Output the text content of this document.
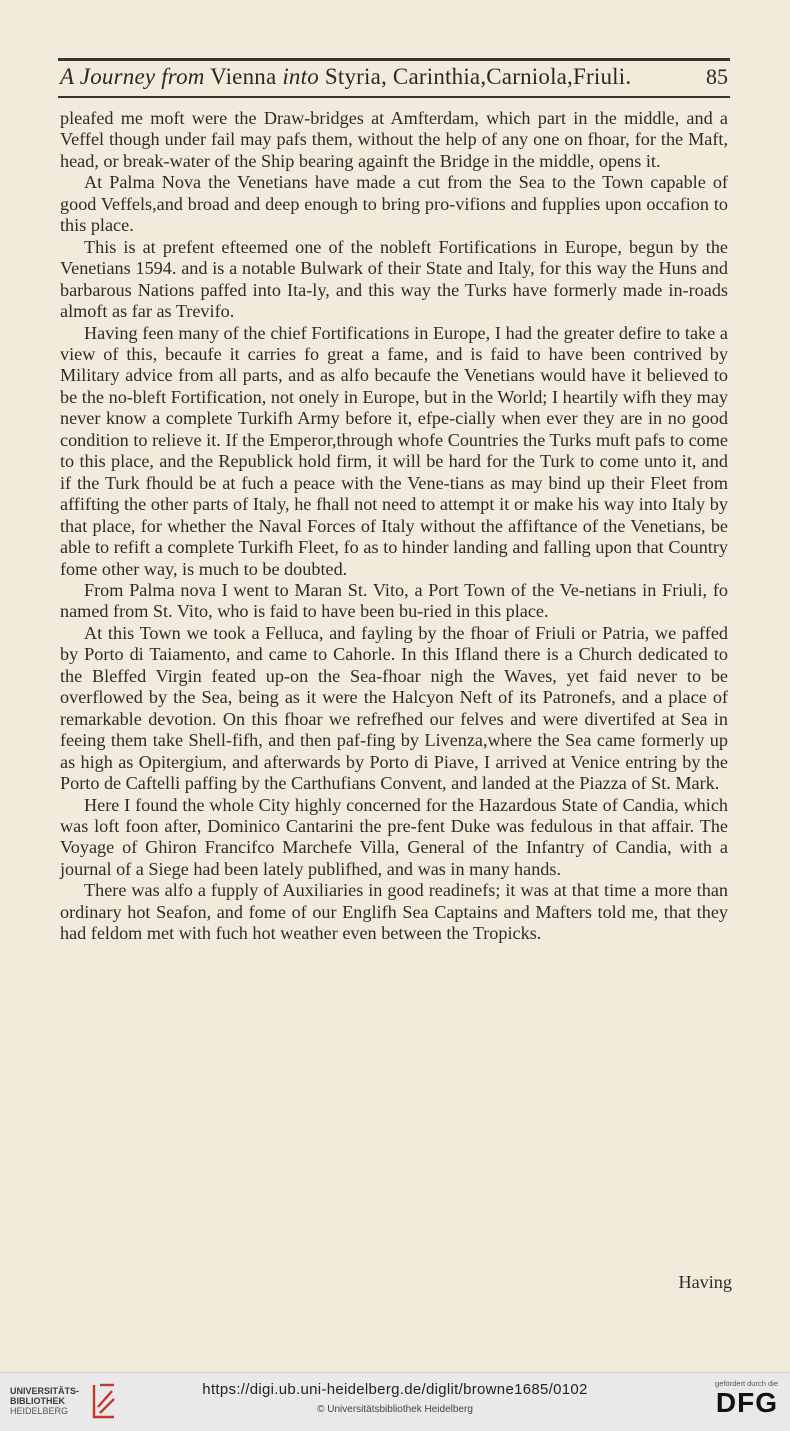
A Journey from Vienna into Styria, Carinthia,Carniola,Friuli.	85

pleafed me moft were the Draw-bridges at Amfterdam, which part in the middle, and a Veffel though under fail may pafs them, without the help of any one on fhoar, for the Maft, head, or break-water of the Ship bearing againft the Bridge in the middle, opens it.

At Palma Nova the Venetians have made a cut from the Sea to the Town capable of good Veffels,and broad and deep enough to bring pro-vifions and fupplies upon occafion to this place.

This is at prefent efteemed one of the nobleft Fortifications in Europe, begun by the Venetians 1594. and is a notable Bulwark of their State and Italy, for this way the Huns and barbarous Nations paffed into Ita-ly, and this way the Turks have formerly made in-roads almoft as far as Trevifo.

Having feen many of the chief Fortifications in Europe, I had the greater defire to take a view of this, becaufe it carries fo great a fame, and is faid to have been contrived by Military advice from all parts, and as alfo becaufe the Venetians would have it believed to be the no-bleft Fortification, not onely in Europe, but in the World; I heartily wifh they may never know a complete Turkifh Army before it, efpe-cially when ever they are in no good condition to relieve it. If the Emperor,through whofe Countries the Turks muft pafs to come to this place, and the Republick hold firm, it will be hard for the Turk to come unto it, and if the Turk fhould be at fuch a peace with the Vene-tians as may bind up their Fleet from affifting the other parts of Italy, he fhall not need to attempt it or make his way into Italy by that place, for whether the Naval Forces of Italy without the affiftance of the Venetians, be able to refift a complete Turkifh Fleet, fo as to hinder landing and falling upon that Country fome other way, is much to be doubted.

From Palma nova I went to Maran St. Vito, a Port Town of the Ve-netians in Friuli, fo named from St. Vito, who is faid to have been bu-ried in this place.

At this Town we took a Felluca, and fayling by the fhoar of Friuli or Patria, we paffed by Porto di Taiamento, and came to Cahorle. In this Ifland there is a Church dedicated to the Bleffed Virgin feated up-on the Sea-fhoar nigh the Waves, yet faid never to be overflowed by the Sea, being as it were the Halcyon Neft of its Patronefs, and a place of remarkable devotion. On this fhoar we refrefhed our felves and were divertifed at Sea in feeing them take Shell-fifh, and then paf-fing by Livenza,where the Sea came formerly up as high as Opitergium, and afterwards by Porto di Piave, I arrived at Venice entring by the Porto de Caftelli paffing by the Carthufians Convent, and landed at the Piazza of St. Mark.

Here I found the whole City highly concerned for the Hazardous State of Candia, which was loft foon after, Dominico Cantarini the pre-fent Duke was fedulous in that affair. The Voyage of Ghiron Francifco Marchefe Villa, General of the Infantry of Candia, with a journal of a Siege had been lately publifhed, and was in many hands.

There was alfo a fupply of Auxiliaries in good readinefs; it was at that time a more than ordinary hot Seafon, and fome of our Englifh Sea Captains and Mafters told me, that they had feldom met with fuch hot weather even between the Tropicks.

Having
UNIVERSITÄTS-
BIBLIOTHEK
HEIDELBERG
https://digi.ub.uni-heidelberg.de/diglit/browne1685/0102
© Universitätsbibliothek Heidelberg
gefördert durch die
DFG
